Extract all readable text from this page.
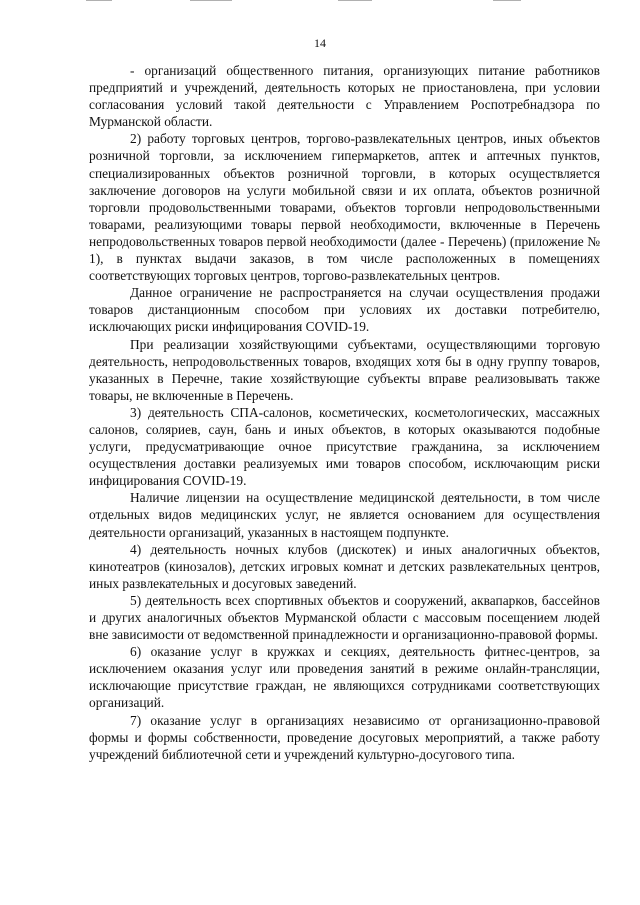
14

- организаций общественного питания, организующих питание работников предприятий и учреждений, деятельность которых не приостановлена, при условии согласования условий такой деятельности с Управлением Роспотребнадзора по Мурманской области.

2) работу торговых центров, торгово-развлекательных центров, иных объектов розничной торговли, за исключением гипермаркетов, аптек и аптечных пунктов, специализированных объектов розничной торговли, в которых осуществляется заключение договоров на услуги мобильной связи и их оплата, объектов розничной торговли продовольственными товарами, объектов торговли непродовольственными товарами, реализующими товары первой необходимости, включенные в Перечень непродовольственных товаров первой необходимости (далее - Перечень) (приложение № 1), в пунктах выдачи заказов, в том числе расположенных в помещениях соответствующих торговых центров, торгово-развлекательных центров.

Данное ограничение не распространяется на случаи осуществления продажи товаров дистанционным способом при условиях их доставки потребителю, исключающих риски инфицирования COVID-19.

При реализации хозяйствующими субъектами, осуществляющими торговую деятельность, непродовольственных товаров, входящих хотя бы в одну группу товаров, указанных в Перечне, такие хозяйствующие субъекты вправе реализовывать также товары, не включенные в Перечень.

3) деятельность СПА-салонов, косметических, косметологических, массажных салонов, соляриев, саун, бань и иных объектов, в которых оказываются подобные услуги, предусматривающие очное присутствие гражданина, за исключением осуществления доставки реализуемых ими товаров способом, исключающим риски инфицирования COVID-19.

Наличие лицензии на осуществление медицинской деятельности, в том числе отдельных видов медицинских услуг, не является основанием для осуществления деятельности организаций, указанных в настоящем подпункте.

4) деятельность ночных клубов (дискотек) и иных аналогичных объектов, кинотеатров (кинозалов), детских игровых комнат и детских развлекательных центров, иных развлекательных и досуговых заведений.

5) деятельность всех спортивных объектов и сооружений, аквапарков, бассейнов и других аналогичных объектов Мурманской области с массовым посещением людей вне зависимости от ведомственной принадлежности и организационно-правовой формы.

6) оказание услуг в кружках и секциях, деятельность фитнес-центров, за исключением оказания услуг или проведения занятий в режиме онлайн-трансляции, исключающие присутствие граждан, не являющихся сотрудниками соответствующих организаций.

7) оказание услуг в организациях независимо от организационно-правовой формы и формы собственности, проведение досуговых мероприятий, а также работу учреждений библиотечной сети и учреждений культурно-досугового типа.
